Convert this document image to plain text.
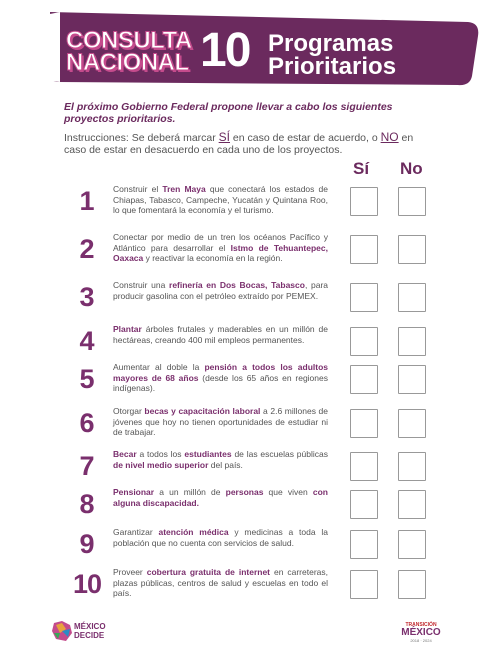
CONSULTA
NACIONAL 10 Programas
Prioritarios
El próximo Gobierno Federal propone llevar a cabo los siguientes proyectos prioritarios.
Instrucciones: Se deberá marcar SÍ en caso de estar de acuerdo, o NO en caso de estar en desacuerdo en cada uno de los proyectos.
Sí No
1	Construir el Tren Maya que conectará los estados de Chiapas, Tabasco, Campeche, Yucatán y Quintana Roo, lo que fomentará la economía y el turismo.
2	Conectar por medio de un tren los océanos Pacífico y Atlántico para desarrollar el Istmo de Tehuantepec, Oaxaca y reactivar la economía en la región.
3	Construir una refinería en Dos Bocas, Tabasco, para producir gasolina con el petróleo extraído por PEMEX.
4	Plantar árboles frutales y maderables en un millón de hectáreas, creando 400 mil empleos permanentes.
5	Aumentar al doble la pensión a todos los adultos mayores de 68 años (desde los 65 años en regiones indígenas).
6	Otorgar becas y capacitación laboral a 2.6 millones de jóvenes que hoy no tienen oportunidades de estudiar ni de trabajar.
7	Becar a todos los estudiantes de las escuelas públicas de nivel medio superior del país.
8	Pensionar a un millón de personas que viven con alguna discapacidad.
9	Garantizar atención médica y medicinas a toda la población que no cuenta con servicios de salud.
10	Proveer cobertura gratuita de internet en carreteras, plazas públicas, centros de salud y escuelas en todo el país.
MÉXICO
DECIDE
TRANSICIÓN
MÉXICO
2018 · 2024
